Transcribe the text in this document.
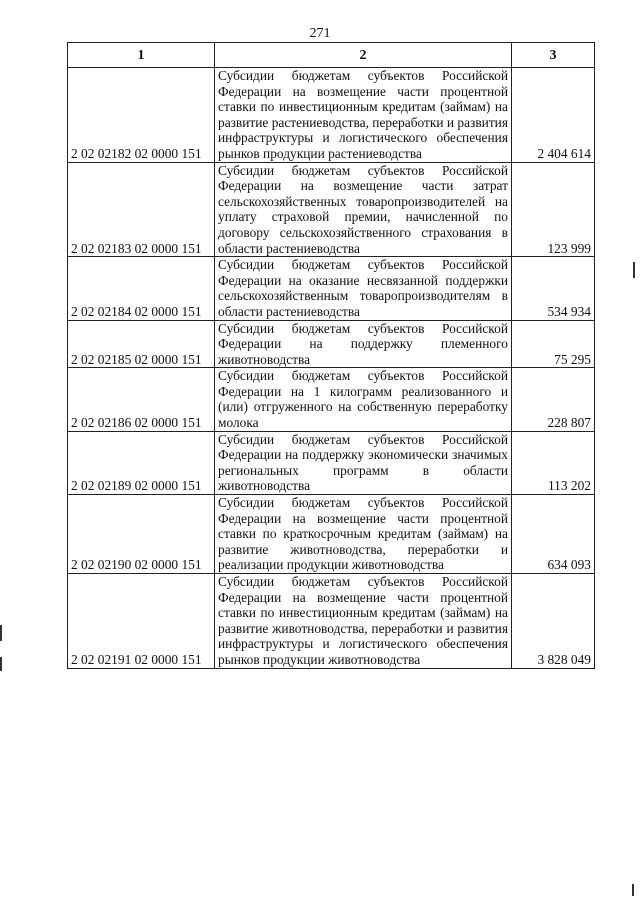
271
1	2	3
2 02 02182 02 0000 151	Субсидии бюджетам субъектов Российской Федерации на возмещение части процентной ставки по инвестиционным кредитам (займам) на развитие растениеводства, переработки и развития инфраструктуры и логистического обеспечения рынков продукции растениеводства	2 404 614
2 02 02183 02 0000 151	Субсидии бюджетам субъектов Российской Федерации на возмещение части затрат сельскохозяйственных товаропроизводителей на уплату страховой премии, начисленной по договору сельскохозяйственного страхования в области растениеводства	123 999
2 02 02184 02 0000 151	Субсидии бюджетам субъектов Российской Федерации на оказание несвязанной поддержки сельскохозяйственным товаропроизводителям в области растениеводства	534 934
2 02 02185 02 0000 151	Субсидии бюджетам субъектов Российской Федерации на поддержку племенного животноводства	75 295
2 02 02186 02 0000 151	Субсидии бюджетам субъектов Российской Федерации на 1 килограмм реализованного и (или) отгруженного на собственную переработку молока	228 807
2 02 02189 02 0000 151	Субсидии бюджетам субъектов Российской Федерации на поддержку экономически значимых региональных программ в области животноводства	113 202
2 02 02190 02 0000 151	Субсидии бюджетам субъектов Российской Федерации на возмещение части процентной ставки по краткосрочным кредитам (займам) на развитие животноводства, переработки и реализации продукции животноводства	634 093
2 02 02191 02 0000 151	Субсидии бюджетам субъектов Российской Федерации на возмещение части процентной ставки по инвестиционным кредитам (займам) на развитие животноводства, переработки и развития инфраструктуры и логистического обеспечения рынков продукции животноводства	3 828 049
